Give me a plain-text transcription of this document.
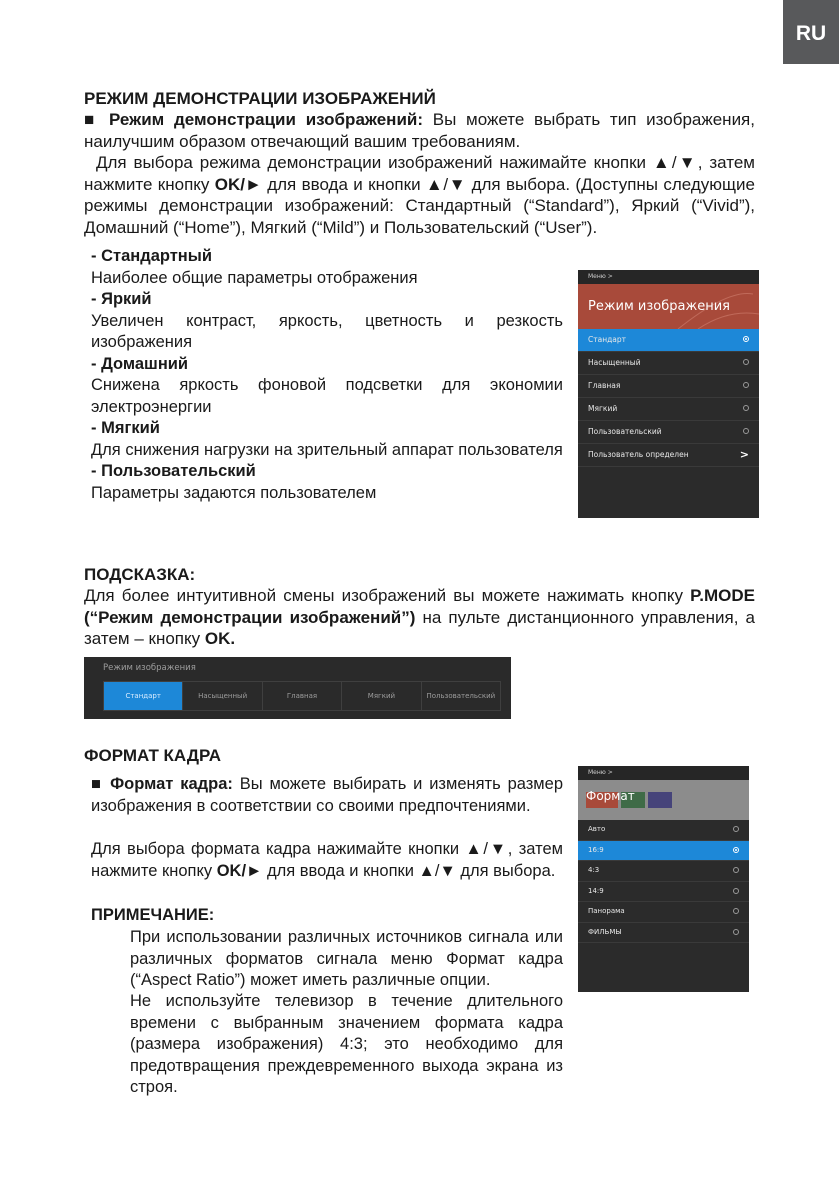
RU
РЕЖИМ ДЕМОНСТРАЦИИ ИЗОБРАЖЕНИЙ
■ Режим демонстрации изображений: Вы можете выбрать тип изображения, наилучшим образом отвечающий вашим требованиям.
Для выбора режима демонстрации изображений нажимайте кнопки ▲/▼, затем нажмите кнопку OK/► для ввода и кнопки ▲/▼ для выбора. (Доступны следующие режимы демонстрации изображений: Стандартный (“Standard”), Яркий (“Vivid”), Домашний (“Home”), Мягкий (“Mild”) и Пользовательский (“User”).

- Стандартный

Наиболее общие параметры отображения

- Яркий

Увеличен контраст, яркость, цветность и резкость изображения

- Домашний

Снижена яркость фоновой подсветки для экономии электроэнергии

- Мягкий

Для снижения нагрузки на зрительный аппарат пользователя

- Пользовательский

Параметры задаются пользователем

Меню >
Режим изображения
Стандарт
Насыщенный
Главная
Мягкий
Пользовательский
Пользователь определен	>
ПОДСКАЗКА:
Для более интуитивной смены изображений вы можете нажимать кнопку P.MODE (“Режим демонстрации изображений”) на пульте дистанционного управления, а затем – кнопку OK.
Режим изображения
Стандарт	Насыщенный	Главная	Мягкий	Пользовательский
ФОРМАТ КАДРА
■ Формат кадра: Вы можете выбирать и изменять размер изображения в соответствии со своими предпочтениями.
Для выбора формата кадра нажимайте кнопки ▲/▼, затем нажмите кнопку OK/► для ввода и кнопки ▲/▼ для выбора.
ПРИМЕЧАНИЕ:
При использовании различных источников сигнала или различных форматов сигнала меню Формат кадра (“Aspect Ratio”) может иметь различные опции.
Не используйте телевизор в течение длительного времени с выбранным значением формата кадра (размера изображения) 4:3; это необходимо для предотвращения преждевременного выхода экрана из строя.
Меню >
Формат
Авто
16:9
4:3
14:9
Панорама
ФИЛЬМЫ
